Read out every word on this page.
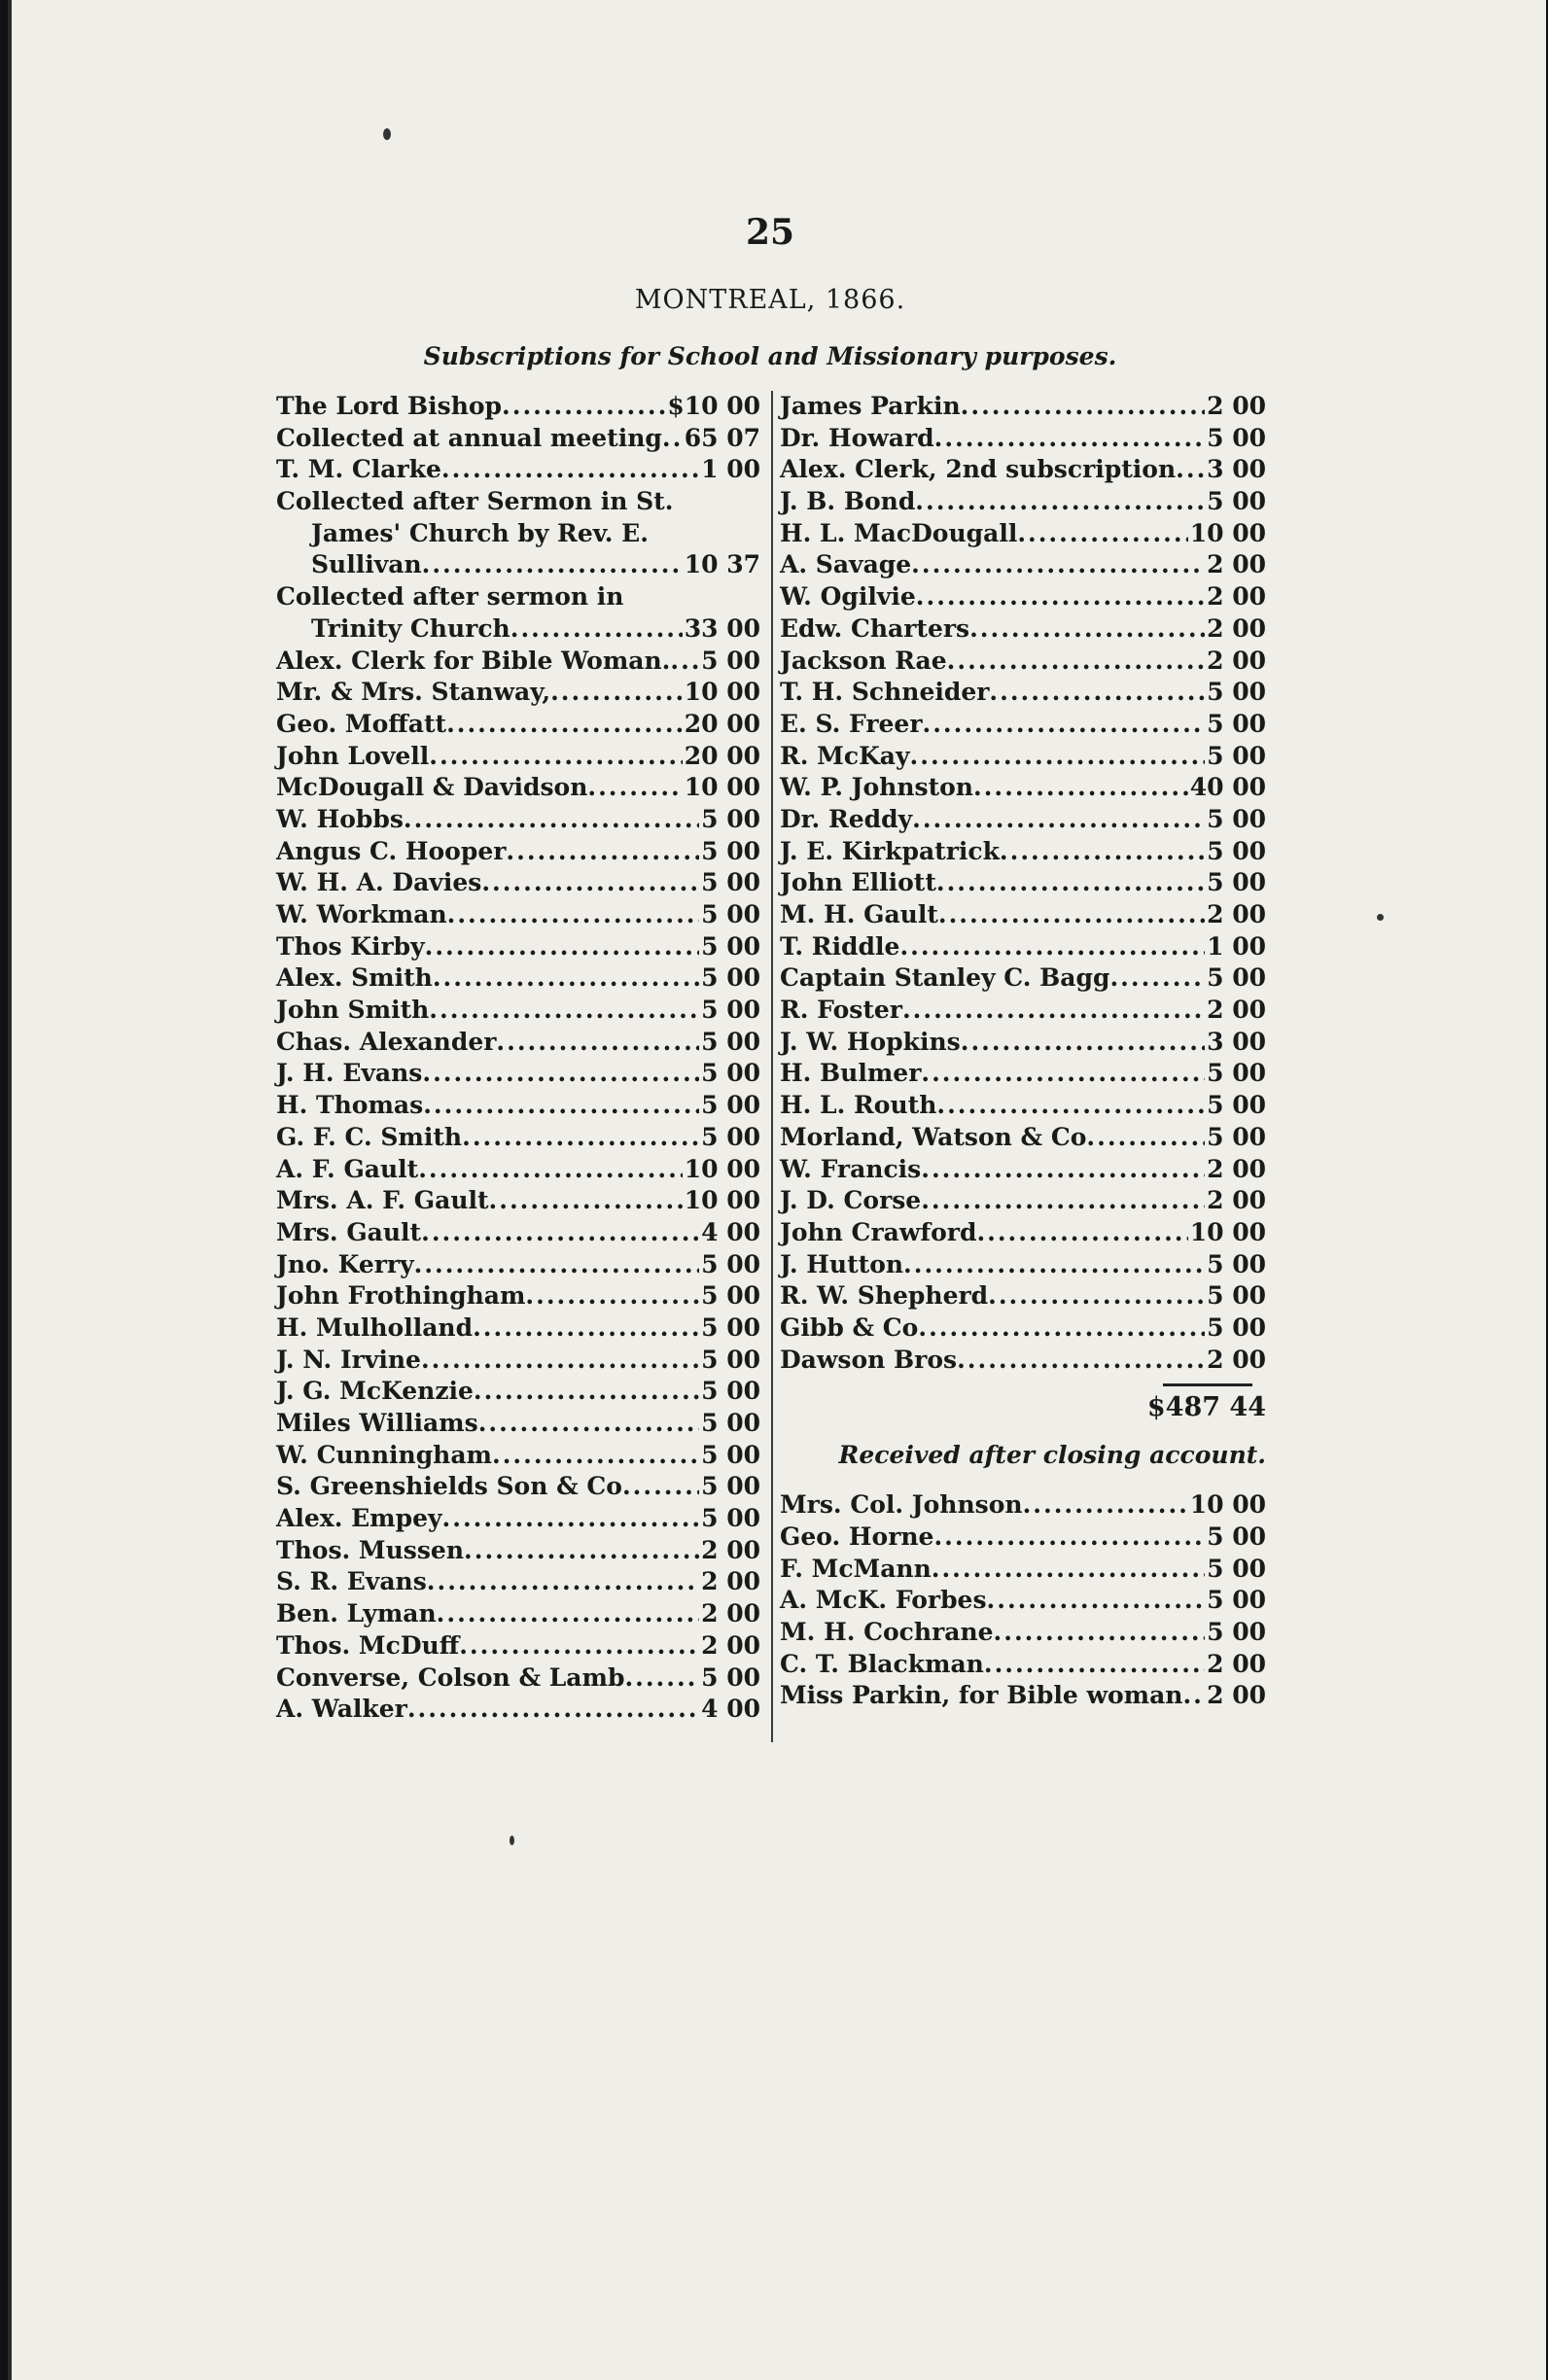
25
MONTREAL, 1866.
Subscriptions for School and Missionary purposes.
The Lord Bishop .....	$10 00
Collected at annual meeting ..... 65 07
T. M. Clarke .....	1 00
Collected after Sermon in St.
James' Church by Rev. E.
Sullivan .....	10 37
Collected after sermon in
Trinity Church .....	33 00
Alex. Clerk for Bible Woman. ..... 5 00
Mr. & Mrs. Stanway, .....	10 00
Geo. Moffatt .....	20 00
John Lovell .....	20 00
McDougall & Davidson .....	10 00
W. Hobbs .....	5 00
Angus C. Hooper .....	5 00
W. H. A. Davies .....	5 00
W. Workman .....	5 00
Thos Kirby .....	5 00
Alex. Smith .....	5 00
John Smith .....	5 00
Chas. Alexander .....	5 00
J. H. Evans .....	5 00
H. Thomas .....	5 00
G. F. C. Smith .....	5 00
A. F. Gault .....	10 00
Mrs. A. F. Gault .....	10 00
Mrs. Gault .....	4 00
Jno. Kerry .....	5 00
John Frothingham .....	5 00
H. Mulholland .....	5 00
J. N. Irvine .....	5 00
J. G. McKenzie .....	5 00
Miles Williams .....	5 00
W. Cunningham .....	5 00
S. Greenshields Son & Co .....	5 00
Alex. Empey .....	5 00
Thos. Mussen .....	2 00
S. R. Evans .....	2 00
Ben. Lyman .....	2 00
Thos. McDuff .....	2 00
Converse, Colson & Lamb .....	5 00
A. Walker .....	4 00
James Parkin .....	2 00
Dr. Howard .....	5 00
Alex. Clerk, 2nd subscription ..... 3 00
J. B. Bond .....	5 00
H. L. MacDougall .....	10 00
A. Savage .....	2 00
W. Ogilvie .....	2 00
Edw. Charters .....	2 00
Jackson Rae .....	2 00
T. H. Schneider .....	5 00
E. S. Freer .....	5 00
R. McKay .....	5 00
W. P. Johnston .....	40 00
Dr. Reddy .....	5 00
J. E. Kirkpatrick .....	5 00
John Elliott .....	5 00
M. H. Gault .....	2 00
T. Riddle .....	1 00
Captain Stanley C. Bagg .....	5 00
R. Foster .....	2 00
J. W. Hopkins .....	3 00
H. Bulmer .....	5 00
H. L. Routh .....	5 00
Morland, Watson & Co .....	5 00
W. Francis .....	2 00
J. D. Corse .....	2 00
John Crawford .....	10 00
J. Hutton .....	5 00
R. W. Shepherd .....	5 00
Gibb & Co .....	5 00
Dawson Bros .....	2 00
$487 44
Received after closing account.
Mrs. Col. Johnson .....	10 00
Geo. Horne .....	5 00
F. McMann .....	5 00
A. McK. Forbes .....	5 00
M. H. Cochrane .....	5 00
C. T. Blackman .....	2 00
Miss Parkin, for Bible woman ..... 2 00
